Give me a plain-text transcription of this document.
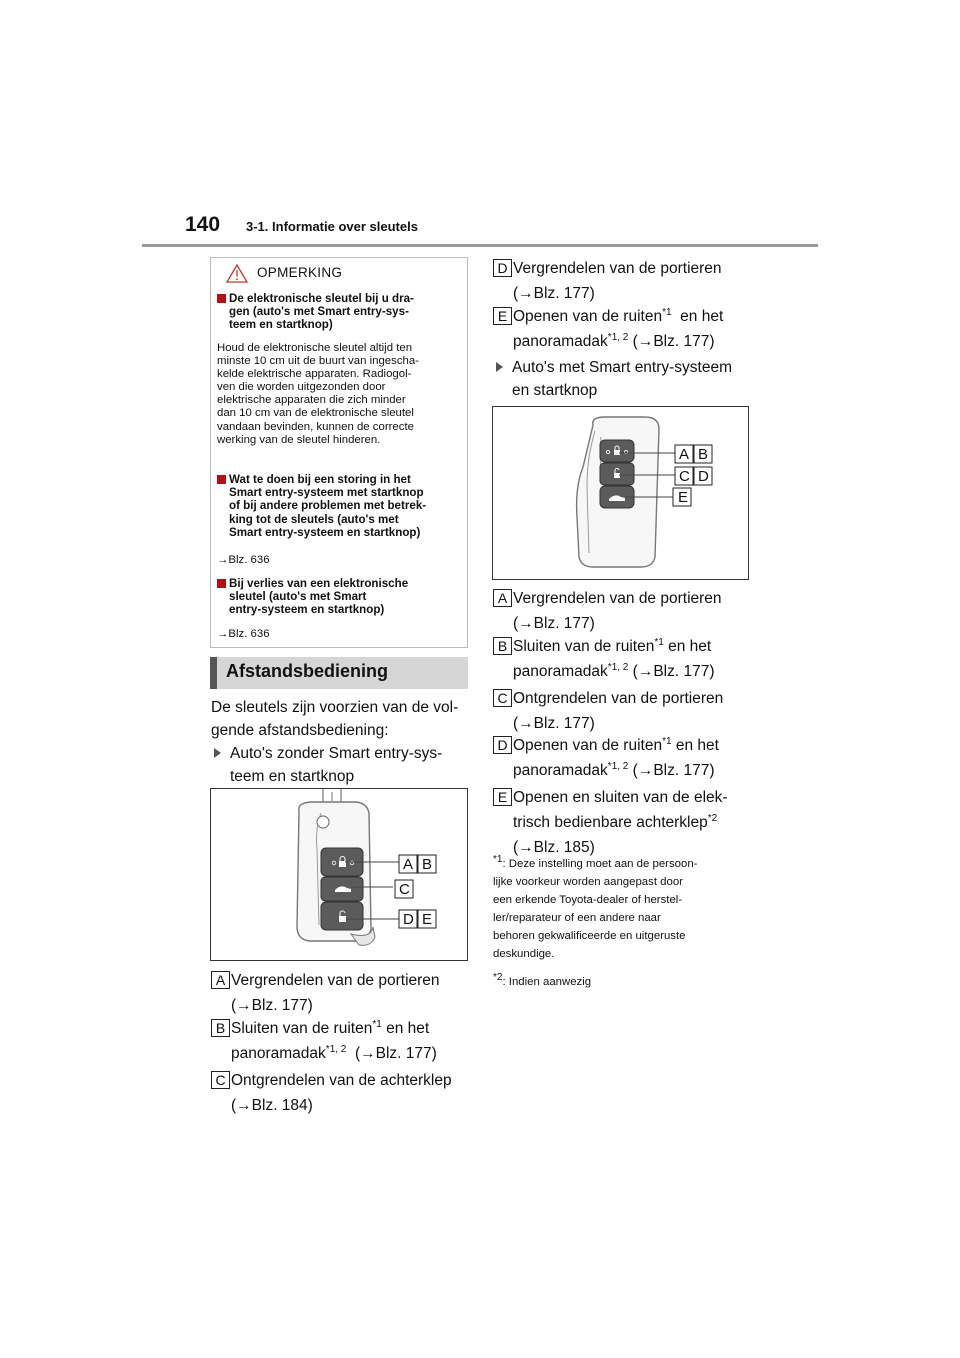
140 3-1. Informatie over sleutels
OPMERKING
De elektronische sleutel bij u dra-
gen (auto's met Smart entry-sys-
teem en startknop)
Houd de elektronische sleutel altijd ten
minste 10 cm uit de buurt van ingescha-
kelde elektrische apparaten. Radiogol-
ven die worden uitgezonden door
elektrische apparaten die zich minder
dan 10 cm van de elektronische sleutel
vandaan bevinden, kunnen de correcte
werking van de sleutel hinderen.
Wat te doen bij een storing in het
Smart entry-systeem met startknop
of bij andere problemen met betrek-
king tot de sleutels (auto's met
Smart entry-systeem en startknop)
→Blz. 636
Bij verlies van een elektronische
sleutel (auto's met Smart
entry-systeem en startknop)
→Blz. 636
Afstandsbediening
De sleutels zijn voorzien van de vol-
gende afstandsbediening:
Auto's zonder Smart entry-sys-
teem en startknop
A B
C
D E
A Vergrendelen van de portieren
(→Blz. 177)
B Sluiten van de ruiten$^{*1}$ en het
panoramadak$^{*1, 2}$  (→Blz. 177)
C Ontgrendelen van de achterklep
(→Blz. 184)
D Vergrendelen van de portieren
(→Blz. 177)
E Openen van de ruiten$^{*1}$  en het
panoramadak$^{*1, 2}$ (→Blz. 177)
Auto's met Smart entry-systeem
en startknop
A B
C D
E
A Vergrendelen van de portieren
(→Blz. 177)
B Sluiten van de ruiten$^{*1}$ en het
panoramadak$^{*1, 2}$ (→Blz. 177)
C Ontgrendelen van de portieren
(→Blz. 177)
D Openen van de ruiten$^{*1}$ en het
panoramadak$^{*1, 2}$ (→Blz. 177)
E Openen en sluiten van de elek-
trisch bedienbare achterklep$^{*2}$
(→Blz. 185)
$^{*1}$: Deze instelling moet aan de persoon-
lijke voorkeur worden aangepast door
een erkende Toyota-dealer of herstel-
ler/reparateur of een andere naar
behoren gekwalificeerde en uitgeruste
deskundige.
$^{*2}$: Indien aanwezig
